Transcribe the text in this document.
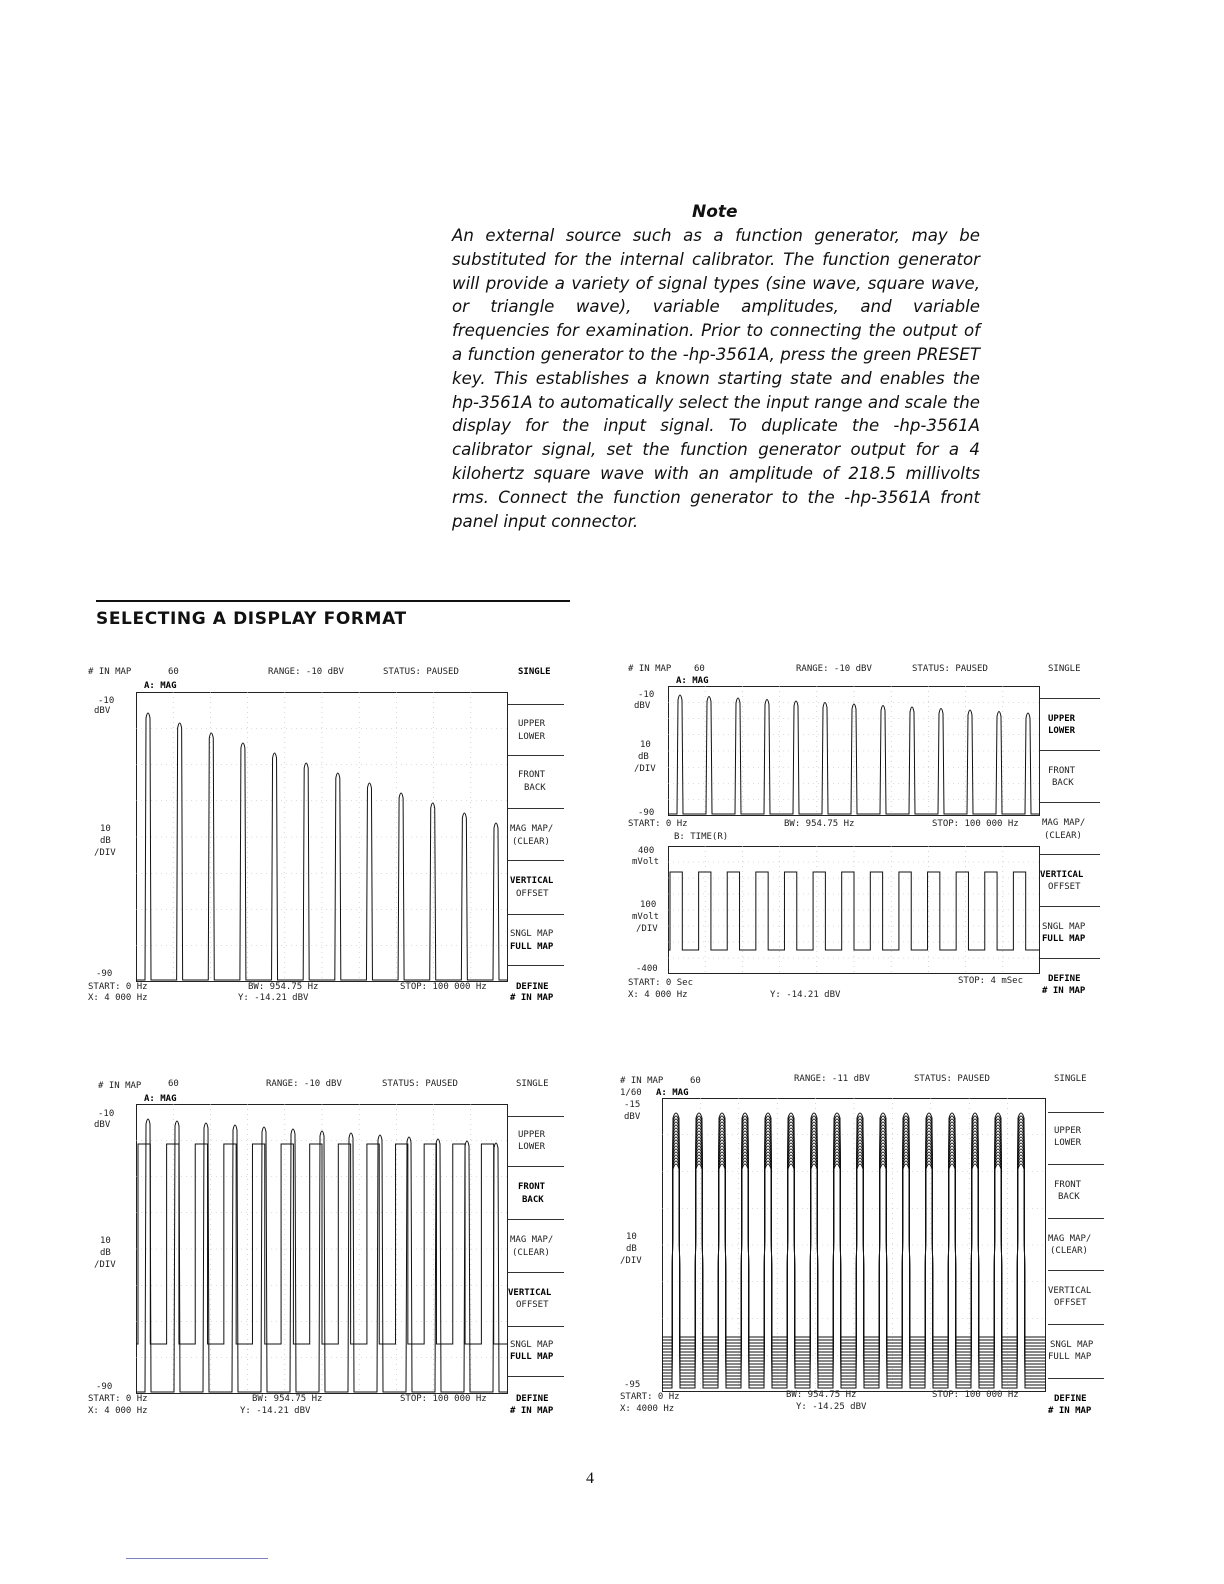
Note

An external source such as a function generator, may be substituted for the internal calibrator. The function generator will provide a variety of signal types (sine wave, square wave, or triangle wave), variable amplitudes, and variable frequencies for examination. Prior to connecting the output of a function generator to the -hp-3561A, press the green PRESET key. This establishes a known starting state and enables the hp-3561A to automatically select the input range and scale the display for the input signal. To duplicate the -hp-3561A calibrator signal, set the function generator output for a 4 kilohertz square wave with an amplitude of 218.5 millivolts rms. Connect the function generator to the -hp-3561A front panel input connector.

SELECTING A DISPLAY FORMAT
# IN MAP	60	RANGE: -10 dBV	STATUS: PAUSED	SINGLE
A: MAG
-10
dBV
10
dB
/DIV
-90
START: 0 Hz	BW: 954.75 Hz	STOP: 100 000 Hz
X: 4 000 Hz	Y: -14.21 dBV
UPPER
LOWER
FRONT
BACK
MAG MAP/
(CLEAR)
VERTICAL
OFFSET
SNGL MAP
FULL MAP
DEFINE
# IN MAP
# IN MAP	60	RANGE: -10 dBV	STATUS: PAUSED	SINGLE
A: MAG
-10
dBV
10
dB
/DIV
-90
START: 0 Hz	BW: 954.75 Hz	STOP: 100 000 Hz
B: TIME(R)
400
mVolt
100
mVolt
/DIV
-400
START: 0 Sec	STOP: 4 mSec
X: 4 000 Hz	Y: -14.21 dBV
UPPER
LOWER
FRONT
BACK
MAG MAP/
(CLEAR)
VERTICAL
OFFSET
SNGL MAP
FULL MAP
DEFINE
# IN MAP
# IN MAP	60	RANGE: -10 dBV	STATUS: PAUSED	SINGLE
A: MAG
-10
dBV
10
dB
/DIV
-90
START: 0 Hz	BW: 954.75 Hz	STOP: 100 000 Hz
X: 4 000 Hz	Y: -14.21 dBV
UPPER
LOWER
FRONT
BACK
MAG MAP/
(CLEAR)
VERTICAL
OFFSET
SNGL MAP
FULL MAP
DEFINE
# IN MAP
# IN MAP	60
1/60
RANGE: -11 dBV	STATUS: PAUSED	SINGLE
A: MAG
-15
dBV
10
dB
/DIV
-95
START: 0 Hz	BW: 954.75 Hz	STOP: 100 000 Hz
X: 4000 Hz	Y: -14.25 dBV
UPPER
LOWER
FRONT
BACK
MAG MAP/
(CLEAR)
VERTICAL
OFFSET
SNGL MAP
FULL MAP
DEFINE
# IN MAP
4
